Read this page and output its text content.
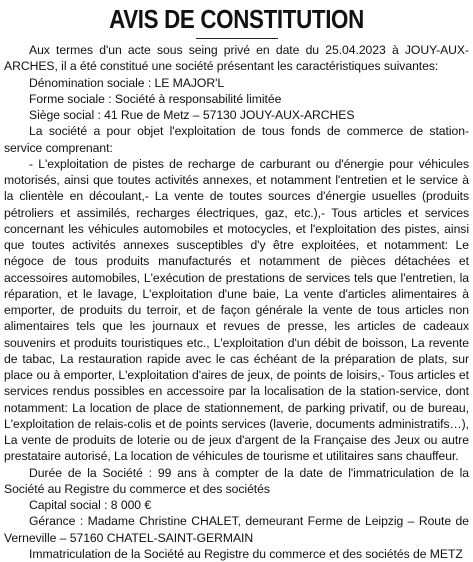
AVIS DE CONSTITUTION

Aux termes d'un acte sous seing privé en date du 25.04.2023 à JOUY-AUX-ARCHES, il a été constitué une société présentant les caractéristiques suivantes:

Dénomination sociale : LE MAJOR'L

Forme sociale : Société à responsabilité limitée

Siège social : 41 Rue de Metz – 57130 JOUY-AUX-ARCHES

La société a pour objet l'exploitation de tous fonds de commerce de station-service comprenant:

- L'exploitation de pistes de recharge de carburant ou d'énergie pour véhicules motorisés, ainsi que toutes activités annexes, et notamment l'entretien et le service à la clientèle en découlant,- La vente de toutes sources d'énergie usuelles (produits pétroliers et assimilés, recharges électriques, gaz, etc.),- Tous articles et services concernant les véhicules automobiles et motocycles, et l'exploitation des pistes, ainsi que toutes activités annexes susceptibles d'y être exploitées, et notamment: Le négoce de tous produits manufacturés et notamment de pièces détachées et accessoires automobiles, L'exécution de prestations de services tels que l'entretien, la réparation, et le lavage, L'exploitation d'une baie, La vente d'articles alimentaires à emporter, de produits du terroir, et de façon générale la vente de tous articles non alimentaires tels que les journaux et revues de presse, les articles de cadeaux souvenirs et produits touristiques etc., L'exploitation d'un débit de boisson, La revente de tabac, La restauration rapide avec le cas échéant de la préparation de plats, sur place ou à emporter, L'exploitation d'aires de jeux, de points de loisirs,- Tous articles et services rendus possibles en accessoire par la localisation de la station-service, dont notamment: La location de place de stationnement, de parking privatif, ou de bureau, L'exploitation de relais-colis et de points services (laverie, documents administratifs…), La vente de produits de loterie ou de jeux d'argent de la Française des Jeux ou autre prestataire autorisé, La location de véhicules de tourisme et utilitaires sans chauffeur.

Durée de la Société : 99 ans à compter de la date de l'immatriculation de la Société au Registre du commerce et des sociétés

Capital social : 8 000 €

Gérance : Madame Christine CHALET, demeurant Ferme de Leipzig – Route de Verneville – 57160 CHATEL-SAINT-GERMAIN

Immatriculation de la Société au Registre du commerce et des sociétés de METZ
